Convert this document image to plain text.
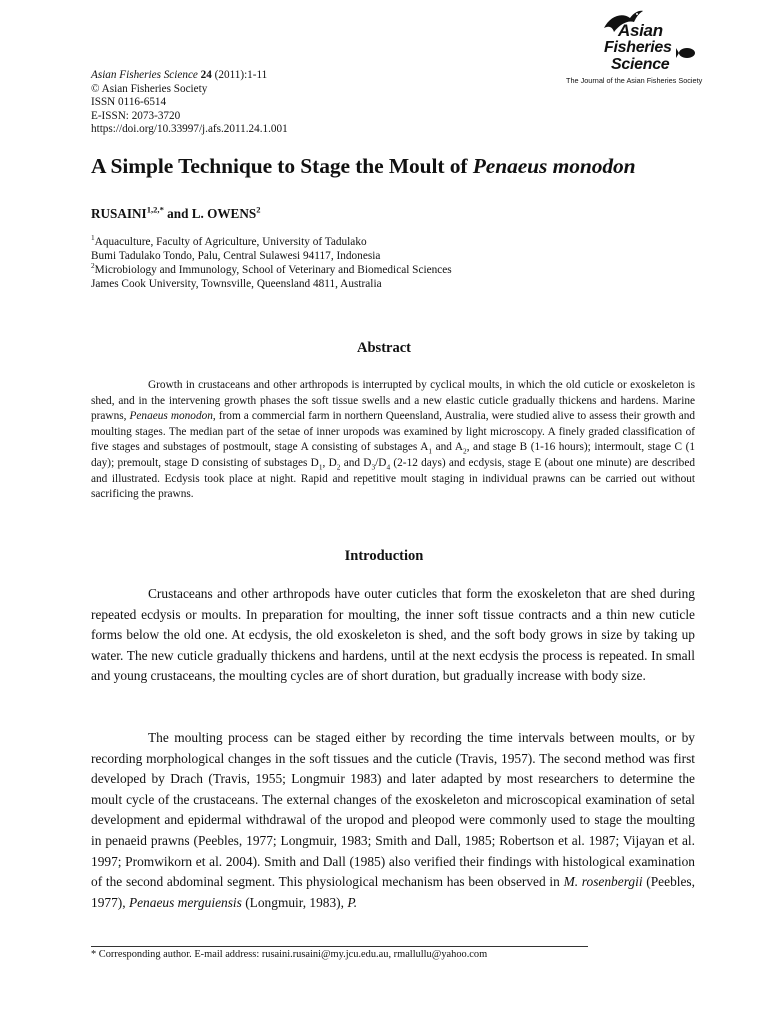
Asian Fisheries Science 24 (2011):1-11
© Asian Fisheries Society
ISSN 0116-6514
E-ISSN: 2073-3720
https://doi.org/10.33997/j.afs.2011.24.1.001
Asian
Fisheries
Science
The Journal of the Asian Fisheries Society
A Simple Technique to Stage the Moult of Penaeus monodon
$RUSAINI^{1,2,*}$ and L. OWENS$^2$
$^1$Aquaculture, Faculty of Agriculture, University of Tadulako
Bumi Tadulako Tondo, Palu, Central Sulawesi 94117, Indonesia
$^2$Microbiology and Immunology, School of Veterinary and Biomedical Sciences
James Cook University, Townsville, Queensland 4811, Australia
Abstract

Growth in crustaceans and other arthropods is interrupted by cyclical moults, in which the old cuticle or exoskeleton is shed, and in the intervening growth phases the soft tissue swells and a new elastic cuticle gradually thickens and hardens. Marine prawns, Penaeus monodon, from a commercial farm in northern Queensland, Australia, were studied alive to assess their growth and moulting stages. The median part of the setae of inner uropods was examined by light microscopy. A finely graded classification of five stages and substages of postmoult, stage A consisting of substages $A_1$ and $A_2$, and stage B (1-16 hours); intermoult, stage C (1 day); premoult, stage D consisting of substages $D_1$, $D_2$ and $D_3/D_4$ (2-12 days) and ecdysis, stage E (about one minute) are described and illustrated. Ecdysis took place at night. Rapid and repetitive moult staging in individual prawns can be carried out without sacrificing the prawns.

Introduction

Crustaceans and other arthropods have outer cuticles that form the exoskeleton that are shed during repeated ecdysis or moults. In preparation for moulting, the inner soft tissue contracts and a thin new cuticle forms below the old one. At ecdysis, the old exoskeleton is shed, and the soft body grows in size by taking up water. The new cuticle gradually thickens and hardens, until at the next ecdysis the process is repeated. In small and young crustaceans, the moulting cycles are of short duration, but gradually increase with body size.

The moulting process can be staged either by recording the time intervals between moults, or by recording morphological changes in the soft tissues and the cuticle (Travis, 1957). The second method was first developed by Drach (Travis, 1955; Longmuir 1983) and later adapted by most researchers to determine the moult cycle of the crustaceans. The external changes of the exoskeleton and microscopical examination of setal development and epidermal withdrawal of the uropod and pleopod were commonly used to stage the moulting in penaeid prawns (Peebles, 1977; Longmuir, 1983; Smith and Dall, 1985; Robertson et al. 1987; Vijayan et al. 1997; Promwikorn et al. 2004). Smith and Dall (1985) also verified their findings with histological examination of the second abdominal segment. This physiological mechanism has been observed in M. rosenbergii (Peebles, 1977), Penaeus merguiensis (Longmuir, 1983), P.

* Corresponding author. E-mail address: rusaini.rusaini@my.jcu.edu.au, rmallullu@yahoo.com
